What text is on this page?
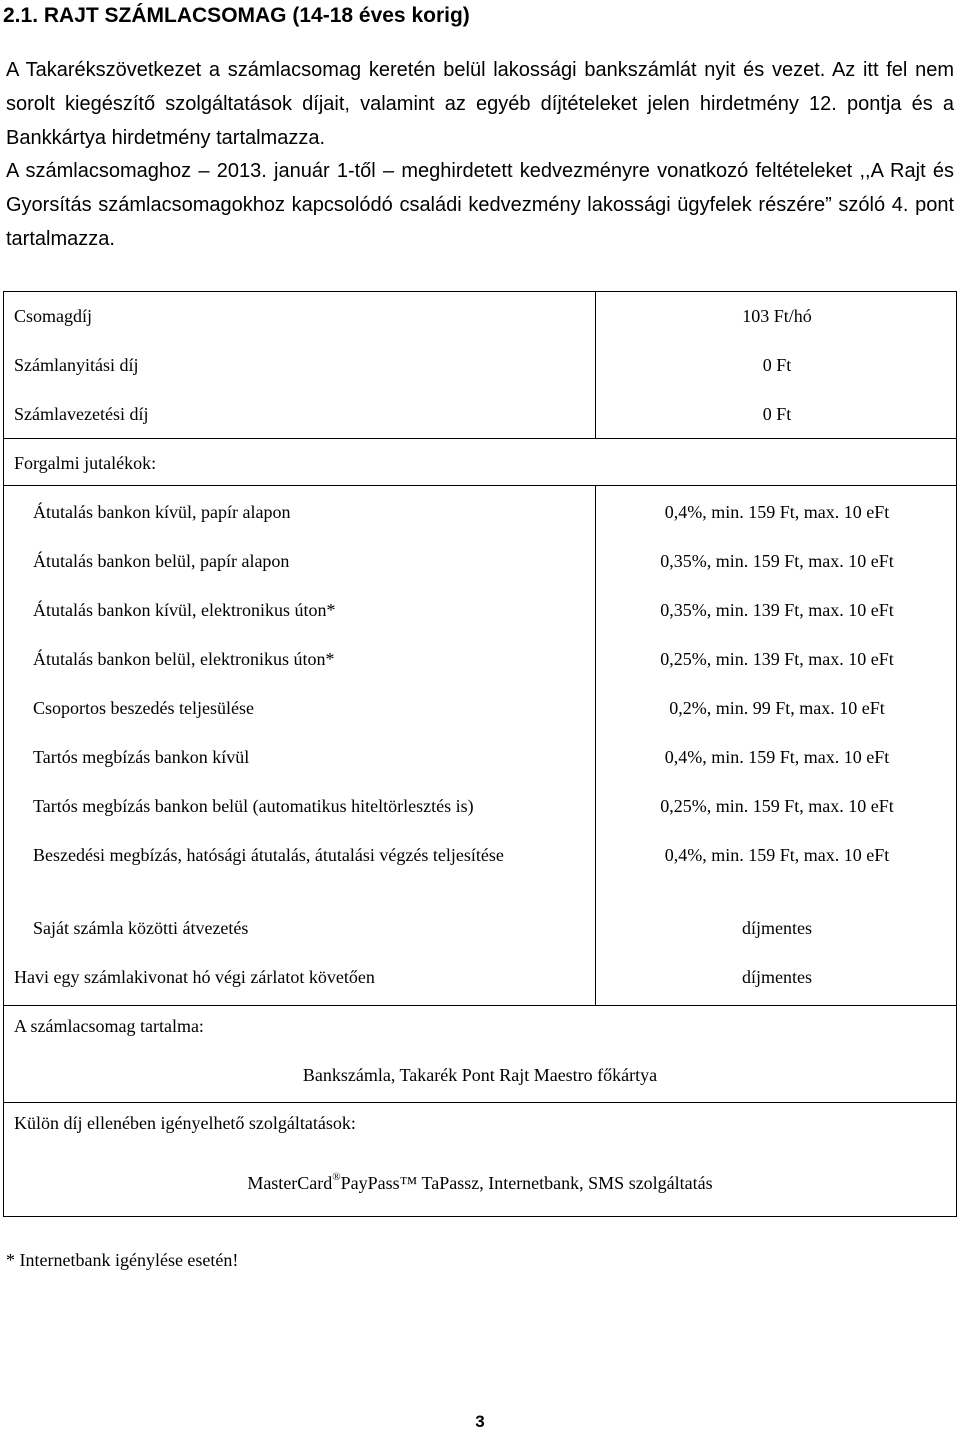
2.1. RAJT SZÁMLACSOMAG (14-18 éves korig)
A Takarékszövetkezet a számlacsomag keretén belül lakossági bankszámlát nyit és vezet. Az itt fel nem sorolt kiegészítő szolgáltatások díjait, valamint az egyéb díjtételeket jelen hirdetmény 12. pontja és a Bankkártya hirdetmény tartalmazza.
A számlacsomaghoz – 2013. január 1-től – meghirdetett kedvezményre vonatkozó feltételeket ,,A Rajt és Gyorsítás számlacsomagokhoz kapcsolódó családi kedvezmény lakossági ügyfelek részére” szóló 4. pont tartalmazza.
Csomagdíj	103 Ft/hó
Számlanyitási díj	0 Ft
Számlavezetési díj	0 Ft
Forgalmi jutalékok:
Átutalás bankon kívül, papír alapon	0,4%, min. 159 Ft, max. 10 eFt
Átutalás bankon belül, papír alapon	0,35%, min. 159 Ft, max. 10 eFt
Átutalás bankon kívül, elektronikus úton*	0,35%, min. 139 Ft, max. 10 eFt
Átutalás bankon belül, elektronikus úton*	0,25%, min. 139 Ft, max. 10 eFt
Csoportos beszedés teljesülése	0,2%, min. 99 Ft, max. 10 eFt
Tartós megbízás bankon kívül	0,4%, min. 159 Ft, max. 10 eFt
Tartós megbízás bankon belül (automatikus hiteltörlesztés is)	0,25%, min. 159 Ft, max. 10 eFt
Beszedési megbízás, hatósági átutalás, átutalási végzés teljesítése	0,4%, min. 159 Ft, max. 10 eFt
Saját számla közötti átvezetés	díjmentes
Havi egy számlakivonat hó végi zárlatot követően	díjmentes
A számlacsomag tartalma:
Bankszámla, Takarék Pont Rajt Maestro főkártya
Külön díj ellenében igényelhető szolgáltatások:
MasterCard®PayPass™ TaPassz, Internetbank, SMS szolgáltatás
* Internetbank igénylése esetén!
3
